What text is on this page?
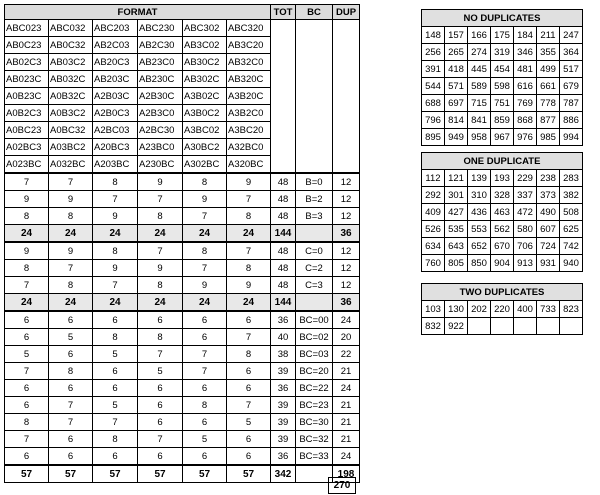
FORMAT						TOT	BC	DUP
ABC023	ABC032	ABC203	ABC230	ABC302	ABC320			
AB0C23	AB0C32	AB2C03	AB2C30	AB3C02	AB3C20			
AB02C3	AB03C2	AB20C3	AB23C0	AB30C2	AB32C0			
AB023C	AB032C	AB203C	AB230C	AB302C	AB320C			
A0B23C	A0B32C	A2B03C	A2B30C	A3B02C	A3B20C			
A0B2C3	A0B3C2	A2B0C3	A2B3C0	A3B0C2	A3B2C0			
A0BC23	A0BC32	A2BC03	A2BC30	A3BC02	A3BC20			
A02BC3	A03BC2	A20BC3	A23BC0	A30BC2	A32BC0			
A023BC	A032BC	A203BC	A230BC	A302BC	A320BC			
7	7	8	9	8	9	48	B=0	12
9	9	7	7	9	7	48	B=2	12
8	8	9	8	7	8	48	B=3	12
24	24	24	24	24	24	144		36
9	9	8	7	8	7	48	C=0	12
8	7	9	9	7	8	48	C=2	12
7	8	7	8	9	9	48	C=3	12
24	24	24	24	24	24	144		36
6	6	6	6	6	6	36	BC=00	24
6	5	8	8	6	7	40	BC=02	20
5	6	5	7	7	8	38	BC=03	22
7	8	6	5	7	6	39	BC=20	21
6	6	6	6	6	6	36	BC=22	24
6	7	5	6	8	7	39	BC=23	21
8	7	7	6	6	5	39	BC=30	21
7	6	8	7	5	6	39	BC=32	21
6	6	6	6	6	6	36	BC=33	24
57	57	57	57	57	57	342		198
270
NO DUPLICATES						
148	157	166	175	184	211	247
256	265	274	319	346	355	364
391	418	445	454	481	499	517
544	571	589	598	616	661	679
688	697	715	751	769	778	787
796	814	841	859	868	877	886
895	949	958	967	976	985	994
ONE DUPLICATE						
112	121	139	193	229	238	283
292	301	310	328	337	373	382
409	427	436	463	472	490	508
526	535	553	562	580	607	625
634	643	652	670	706	724	742
760	805	850	904	913	931	940
TWO DUPLICATES						
103	130	202	220	400	733	823
832	922					
